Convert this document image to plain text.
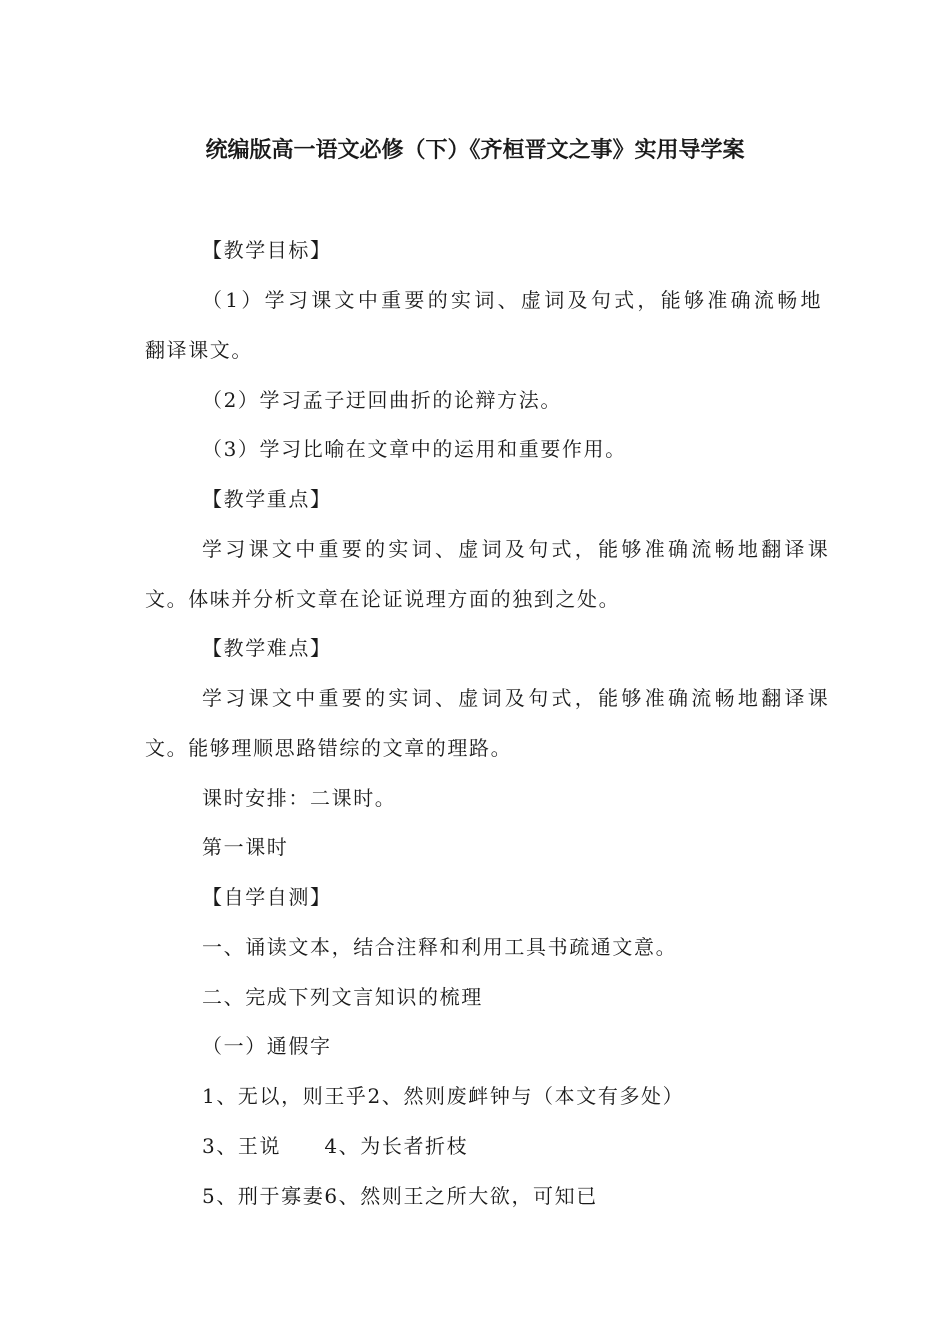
统编版高一语文必修（下）《齐桓晋文之事》实用导学案

【教学目标】

（1）学习课文中重要的实词、虚词及句式，能够准确流畅地

翻译课文。

（2）学习孟子迂回曲折的论辩方法。

（3）学习比喻在文章中的运用和重要作用。

【教学重点】

学习课文中重要的实词、虚词及句式，能够准确流畅地翻译课

文。体味并分析文章在论证说理方面的独到之处。

【教学难点】

学习课文中重要的实词、虚词及句式，能够准确流畅地翻译课

文。能够理顺思路错综的文章的理路。

课时安排：二课时。

第一课时

【自学自测】

一、诵读文本，结合注释和利用工具书疏通文意。

二、完成下列文言知识的梳理

（一）通假字

1、无以，则王乎2、然则废衅钟与（本文有多处）

3、王说　　4、为长者折枝

5、刑于寡妻6、然则王之所大欲，可知已
